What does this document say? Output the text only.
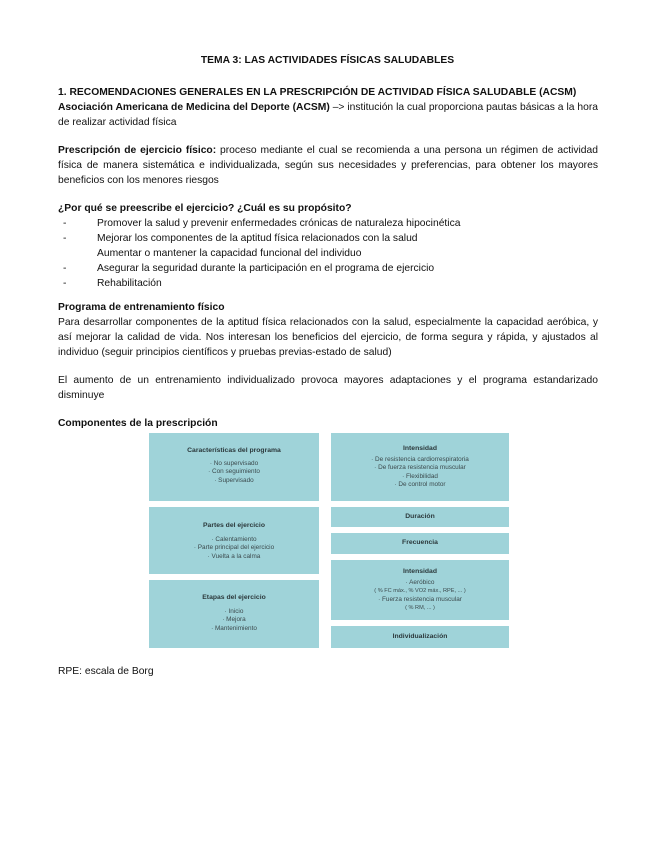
TEMA 3: LAS ACTIVIDADES FÍSICAS SALUDABLES
1. RECOMENDACIONES GENERALES EN LA PRESCRIPCIÓN DE ACTIVIDAD FÍSICA SALUDABLE (ACSM)
Asociación Americana de Medicina del Deporte (ACSM) –> institución la cual proporciona pautas básicas a la hora de realizar actividad física
Prescripción de ejercicio físico: proceso mediante el cual se recomienda a una persona un régimen de actividad física de manera sistemática e individualizada, según sus necesidades y preferencias, para obtener los mayores beneficios con los menores riesgos
¿Por qué se preescribe el ejercicio? ¿Cuál es su propósito?
-	Promover la salud y prevenir enfermedades crónicas de naturaleza hipocinética
-	Mejorar los componentes de la aptitud física relacionados con la salud
Aumentar o mantener la capacidad funcional del individuo
-	Asegurar la seguridad durante la participación en el programa de ejercicio
-	Rehabilitación
Programa de entrenamiento físico
Para desarrollar componentes de la aptitud física relacionados con la salud, especialmente la capacidad aeróbica, y así mejorar la calidad de vida. Nos interesan los beneficios del ejercicio, de forma segura y rápida, y ajustados al individuo (seguir principios científicos y pruebas previas-estado de salud)
El aumento de un entrenamiento individualizado provoca mayores adaptaciones y el programa estandarizado disminuye
Componentes de la prescripción
Características del programa
· No supervisado
· Con seguimiento
· Supervisado
Partes del ejercicio
· Calentamiento
· Parte principal del ejercicio
· Vuelta a la calma
Etapas del ejercicio
· Inicio
· Mejora
· Mantenimiento
Intensidad
· De resistencia cardiorrespiratoria
· De fuerza resistencia muscular
· Flexibilidad
· De control motor
Duración
Frecuencia
Intensidad
· Aeróbico
( % FC máx., % VO2 máx., RPE, ... )
· Fuerza resistencia muscular
( % RM, ... )
Individualización
RPE: escala de Borg
